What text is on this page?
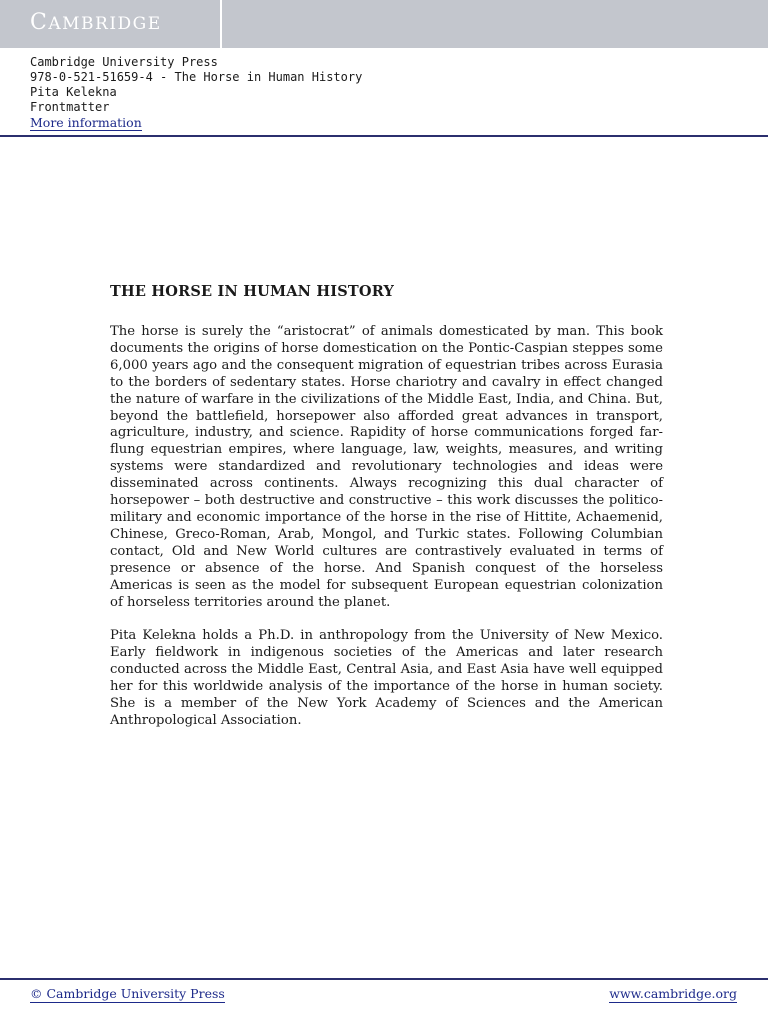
CAMBRIDGE
Cambridge University Press
978-0-521-51659-4 - The Horse in Human History
Pita Kelekna
Frontmatter
More information
THE HORSE IN HUMAN HISTORY

The horse is surely the “aristocrat” of animals domesticated by man. This book documents the origins of horse domestication on the Pontic-Caspian steppes some 6,000 years ago and the consequent migration of equestrian tribes across Eurasia to the borders of sedentary states. Horse chariotry and cavalry in effect changed the nature of warfare in the civilizations of the Middle East, India, and China. But, beyond the battlefield, horsepower also afforded great advances in transport, agriculture, industry, and science. Rapidity of horse communications forged far-flung equestrian empires, where language, law, weights, measures, and writing systems were standardized and revolutionary technologies and ideas were disseminated across continents. Always recognizing this dual character of horsepower – both destructive and constructive – this work discusses the politico-military and economic importance of the horse in the rise of Hittite, Achaemenid, Chinese, Greco-Roman, Arab, Mongol, and Turkic states. Following Columbian contact, Old and New World cultures are contrastively evaluated in terms of presence or absence of the horse. And Spanish conquest of the horseless Americas is seen as the model for subsequent European equestrian colonization of horseless territories around the planet.

Pita Kelekna holds a Ph.D. in anthropology from the University of New Mexico. Early fieldwork in indigenous societies of the Americas and later research conducted across the Middle East, Central Asia, and East Asia have well equipped her for this worldwide analysis of the importance of the horse in human society. She is a member of the New York Academy of Sciences and the American Anthropological Association.

© Cambridge University Press	www.cambridge.org
